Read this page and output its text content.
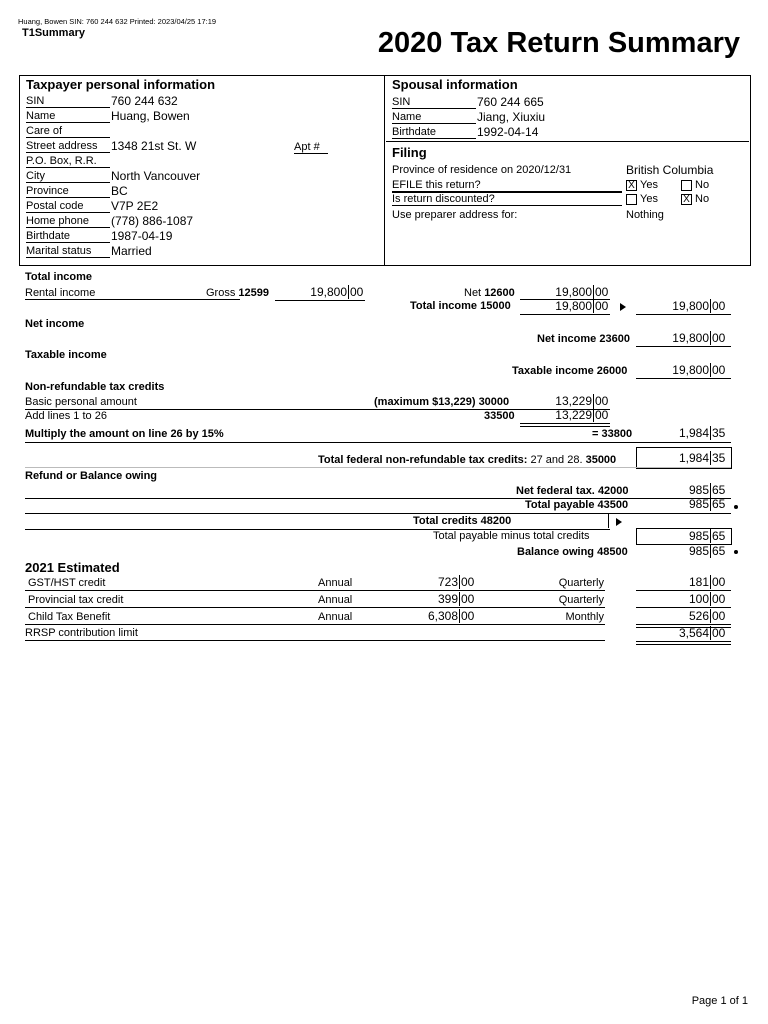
Huang, Bowen SIN: 760 244 632 Printed: 2023/04/25 17:19
T1Summary	2020 Tax Return Summary
Taxpayer personal information
SIN	760 244 632
Name	Huang, Bowen
Care of
Street address	1348 21st St. W
P.O. Box, R.R.
City	North Vancouver
Province	BC
Postal code	V7P 2E2
Home phone	(778) 886-1087
Birthdate	1987-04-19
Marital status	Married
Apt #
Spousal information
SIN	760 244 665
Name	Jiang, Xiuxiu
Birthdate	1992-04-14
Filing
Province of residence on 2020/12/31	British Columbia
EFILE this return?	X Yes	No
Is return discounted?	Yes	X No
Use preparer address for:	Nothing
Total income
Rental income	Gross 12599	19,800 00	Net 12600	19,800 00
Total income 15000	19,800 00	19,800 00
Net income
Net income 23600	19,800 00
Taxable income
Taxable income 26000	19,800 00
Non-refundable tax credits
Basic personal amount	(maximum $13,229) 30000	13,229 00
Add lines 1 to 26	33500	13,229 00
Multiply the amount on line 26 by 15%	= 33800	1,984 35
Total federal non-refundable tax credits: 27 and 28. 35000	1,984 35
Refund or Balance owing
Net federal tax. 42000	985 65
Total payable 43500	985 65
Total credits 48200
Total payable minus total credits	985 65
Balance owing 48500	985 65
2021 Estimated
GST/HST credit	Annual	723 00	Quarterly	181 00
Provincial tax credit	Annual	399 00	Quarterly	100 00
Child Tax Benefit	Annual	6,308 00	Monthly	526 00
RRSP contribution limit	3,564 00
Page 1 of 1
